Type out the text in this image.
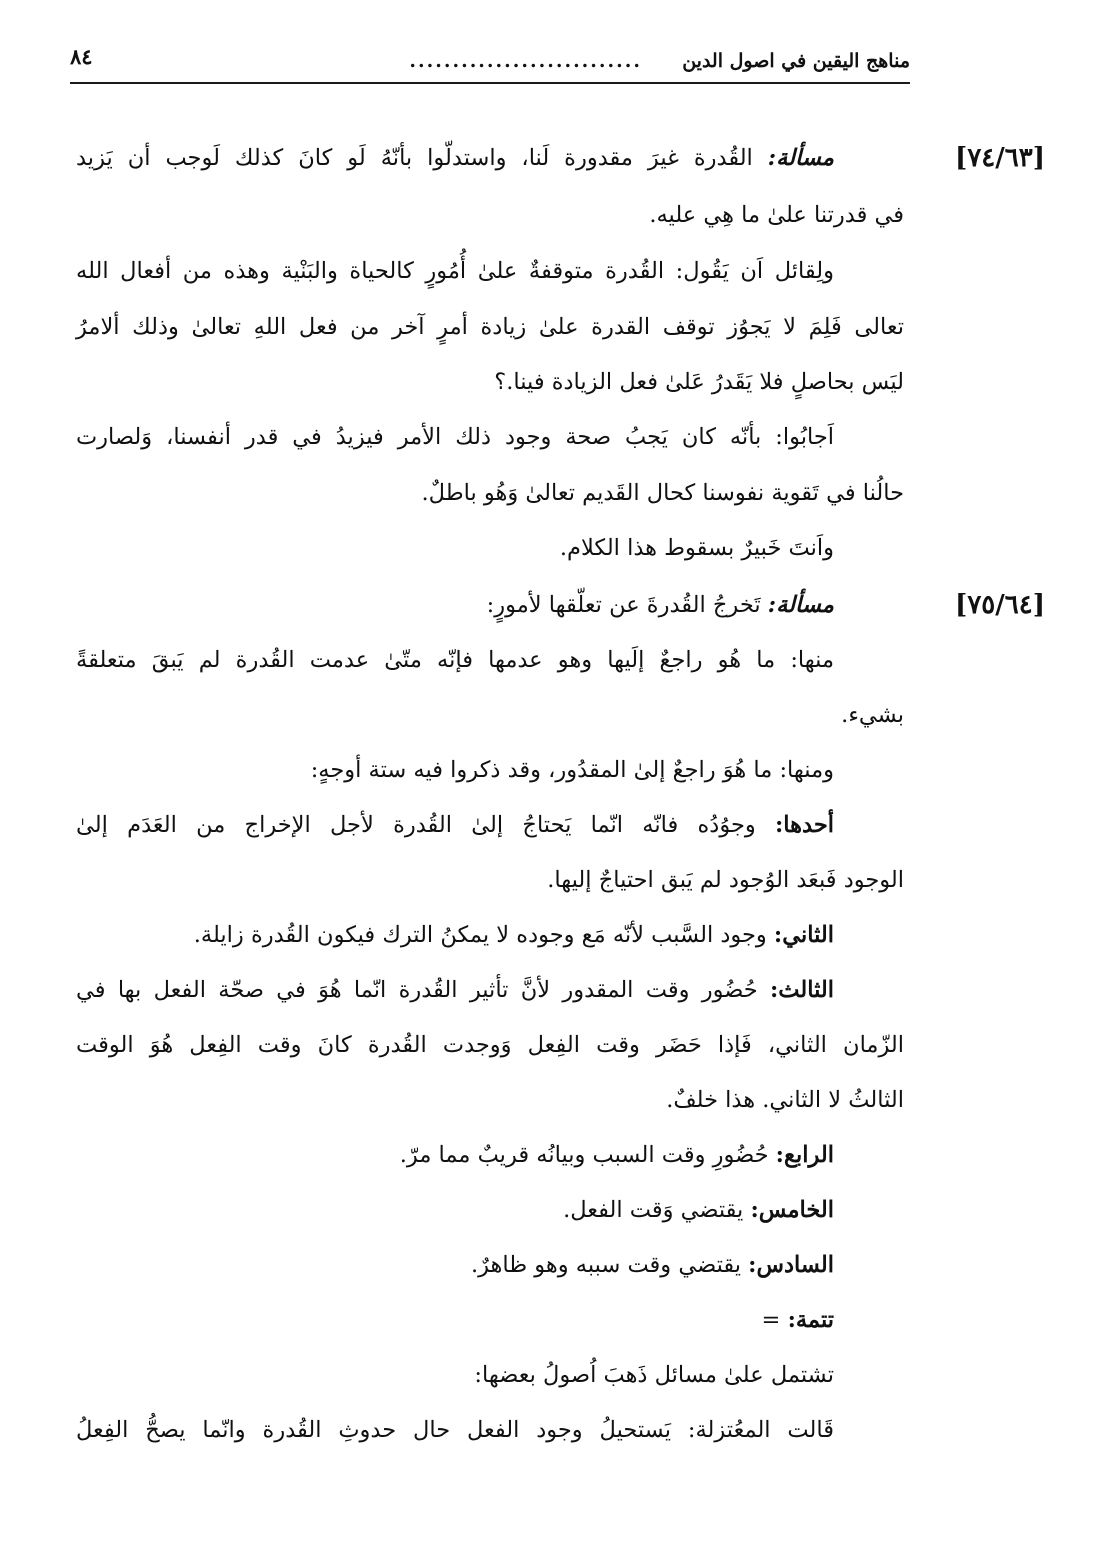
مناهج اليقين في اصول الدين
...........................
٨٤
[٧٤/٦٣]
[٧٥/٦٤]
مسألة: القُدرة غيرَ مقدورة لَنا، واستدلّوا بأنّهُ لَو كانَ كذلك لَوجب أن يَزيد
في قدرتنا علىٰ ما هِي عليه.
ولِقائل اَن يَقُول: القُدرة متوقفةٌ علىٰ أُمُورٍ كالحياة والبَنْية وهذه من أفعال الله
تعالى فَلِمَ لا يَجوُز توقف القدرة علىٰ زيادة أمرٍ آخر من فعل اللهِ تعالىٰ وذلك ألامرُ
ليَس بحاصلٍ فلا يَقَدرُ عَلىٰ فعل الزيادة فينا.؟
اَجابُوا: بأنّه كان يَجبُ صحة وجود ذلك الأمر فيزيدُ في قدر أنفسنا، وَلصارت
حالُنا في تَقوية نفوسنا كحال القَديم تعالىٰ وَهُو باطلٌ.
واَنتَ خَبيرٌ بسقوط هذا الكلام.
مسألة: تَخرجُ القُدرةَ عن تعلّقها لأمورٍ:
منها: ما هُو راجعٌ إلَيها وهو عدمها فإنّه متّىٰ عدمت القُدرة لم يَبقَ متعلقةً
بشيء.
ومنها: ما هُوَ راجعٌ إلىٰ المقدُور، وقد ذكروا فيه ستة أوجهٍ:
أحدها: وجوُدُه فانّه انّما يَحتاجُ إلىٰ القُدرة لأجل الإخراج من العَدَم إلىٰ
الوجود فَبعَد الوُجود لم يَبق احتياجٌ إليها.
الثاني: وجود السَّبب لأنّه مَع وجوده لا يمكنُ الترك فيكون القُدرة زايلة.
الثالث: حُضُور وقت المقدور لأنَّ تأثير القُدرة انّما هُوَ في صحّة الفعل بها في
الزّمان الثاني، فَإذا حَضَر وقت الفِعل وَوجدت القُدرة كانَ وقت الفِعل هُوَ الوقت
الثالثُ لا الثاني. هذا خلفٌ.
الرابع: حُضُورِ وقت السبب وبيانُه قريبٌ مما مرّ.
الخامس: يقتضي وَقت الفعل.
السادس: يقتضي وقت سببه وهو ظاهرٌ.
تتمة: =
تشتمل علىٰ مسائل ذَهبَ اُصولُ بعضها:
قَالت المعُتزلة: يَستحيلُ وجود الفعل حال حدوثِ القُدرة وانّما يصحُّ الفِعلُ
